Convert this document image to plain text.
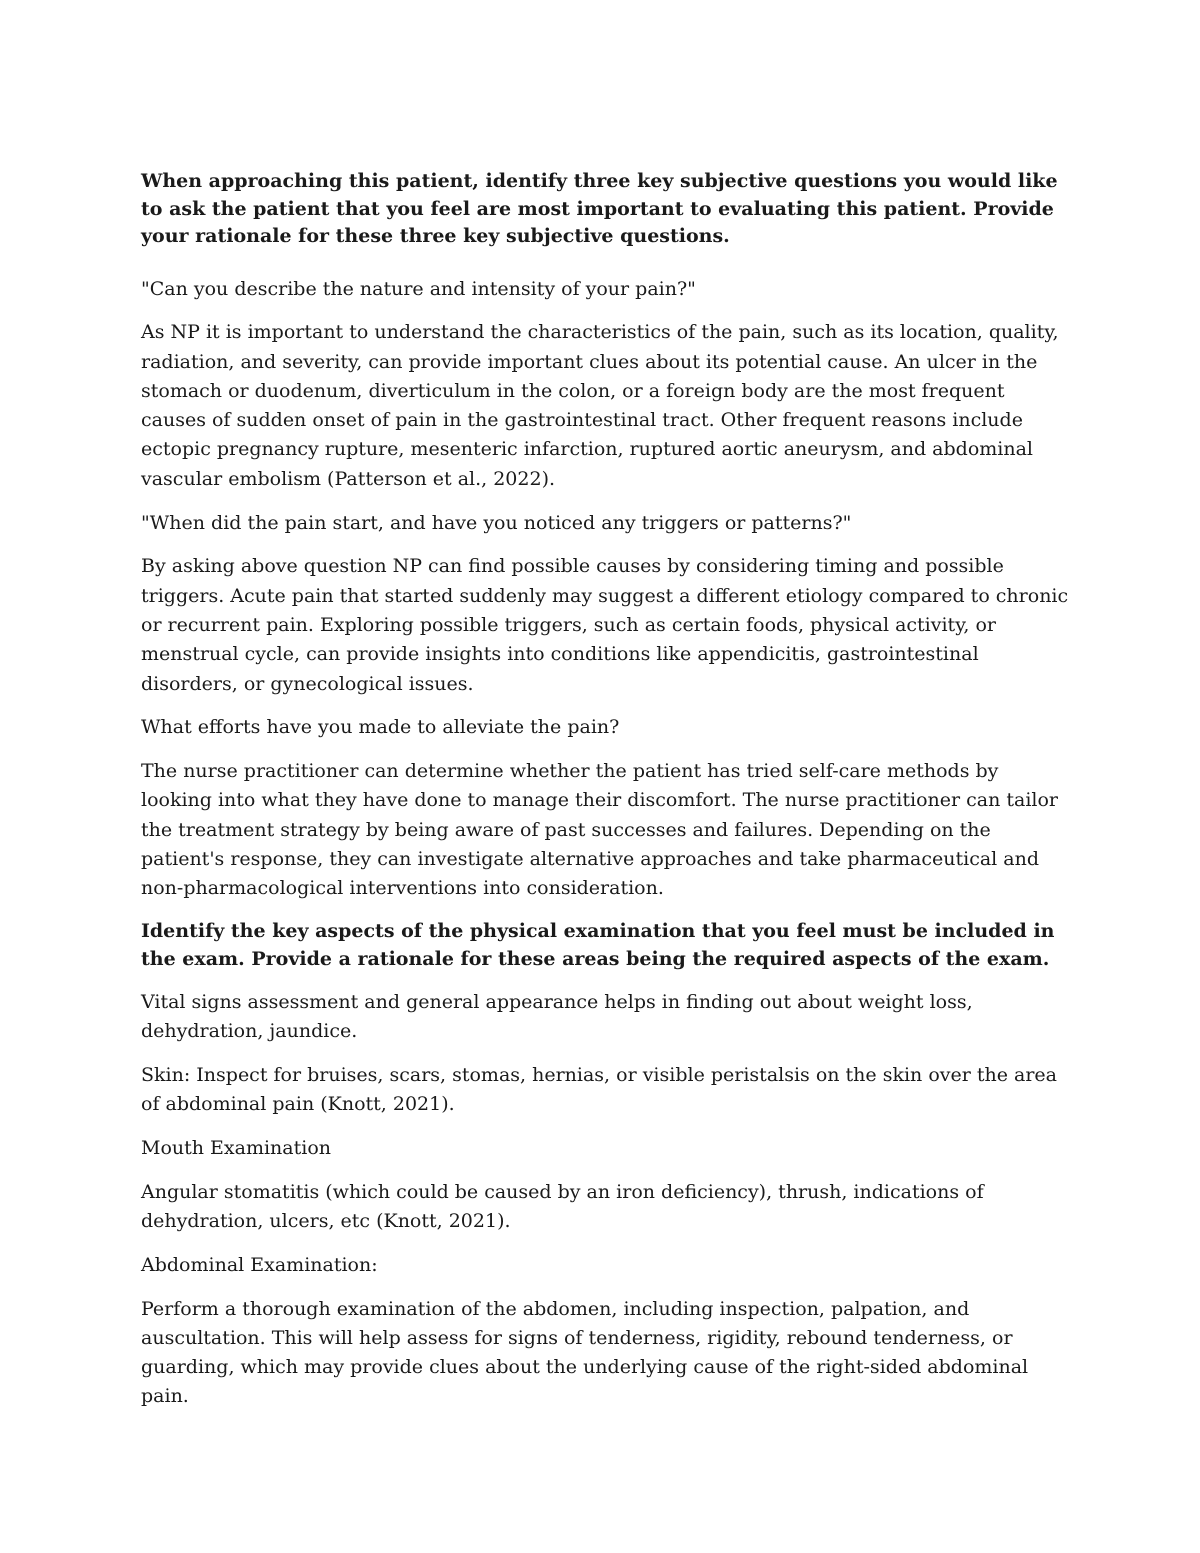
When approaching this patient, identify three key subjective questions you would like to ask the patient that you feel are most important to evaluating this patient. Provide your rationale for these three key subjective questions.

"Can you describe the nature and intensity of your pain?"

As NP it is important to understand the characteristics of the pain, such as its location, quality, radiation, and severity, can provide important clues about its potential cause. An ulcer in the stomach or duodenum, diverticulum in the colon, or a foreign body are the most frequent causes of sudden onset of pain in the gastrointestinal tract. Other frequent reasons include ectopic pregnancy rupture, mesenteric infarction, ruptured aortic aneurysm, and abdominal vascular embolism (Patterson et al., 2022).

"When did the pain start, and have you noticed any triggers or patterns?"

By asking above question NP can find possible causes by considering timing and possible triggers. Acute pain that started suddenly may suggest a different etiology compared to chronic or recurrent pain. Exploring possible triggers, such as certain foods, physical activity, or menstrual cycle, can provide insights into conditions like appendicitis, gastrointestinal disorders, or gynecological issues.

What efforts have you made to alleviate the pain?

The nurse practitioner can determine whether the patient has tried self-care methods by looking into what they have done to manage their discomfort. The nurse practitioner can tailor the treatment strategy by being aware of past successes and failures. Depending on the patient's response, they can investigate alternative approaches and take pharmaceutical and non-pharmacological interventions into consideration.

Identify the key aspects of the physical examination that you feel must be included in the exam. Provide a rationale for these areas being the required aspects of the exam.

Vital signs assessment and general appearance helps in finding out about weight loss, dehydration, jaundice.

Skin: Inspect for bruises, scars, stomas, hernias, or visible peristalsis on the skin over the area of abdominal pain (Knott, 2021).

Mouth Examination

Angular stomatitis (which could be caused by an iron deficiency), thrush, indications of dehydration, ulcers, etc (Knott, 2021).

Abdominal Examination:

Perform a thorough examination of the abdomen, including inspection, palpation, and auscultation. This will help assess for signs of tenderness, rigidity, rebound tenderness, or guarding, which may provide clues about the underlying cause of the right-sided abdominal pain.
